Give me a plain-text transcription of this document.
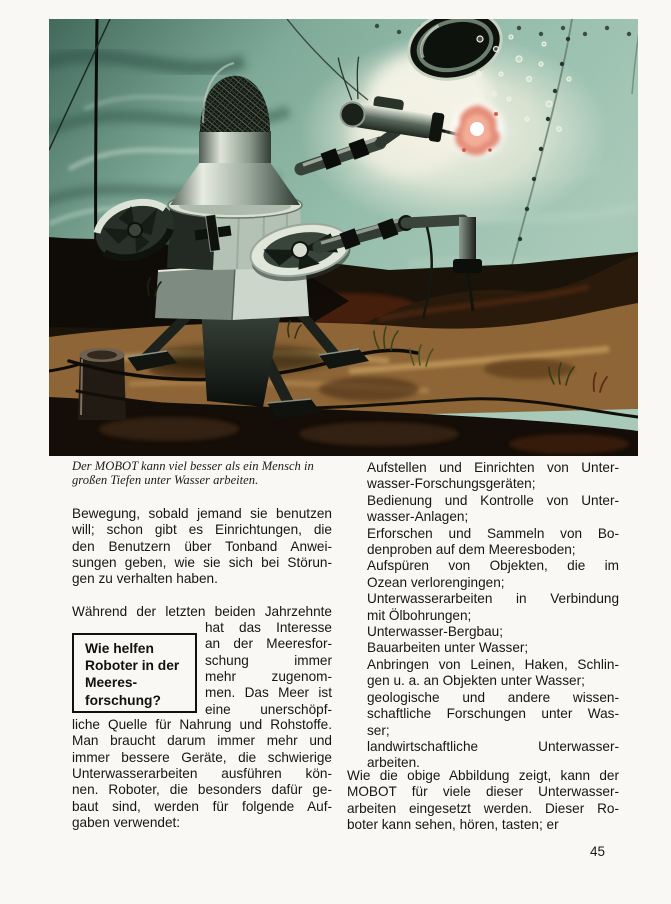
Der MOBOT kann viel besser als ein Mensch in
großen Tiefen unter Wasser arbeiten.
Bewegung, sobald jemand sie benutzen
will; schon gibt es Einrichtungen, die
den Benutzern über Tonband Anwei-
sungen geben, wie sie sich bei Störun-
gen zu verhalten haben.
Während der letzten beiden Jahrzehnte
Wie helfen
Roboter in der
Meeres-
forschung?
hat das Interesse
an der Meeresfor-
schung immer
mehr zugenom-
men. Das Meer ist
eine unerschöpf-
liche Quelle für Nahrung und Rohstoffe.
Man braucht darum immer mehr und
immer bessere Geräte, die schwierige
Unterwasserarbeiten ausführen kön-
nen. Roboter, die besonders dafür ge-
baut sind, werden für folgende Auf-
gaben verwendet:
Aufstellen und Einrichten von Unter-
wasser-Forschungsgeräten;
Bedienung und Kontrolle von Unter-
wasser-Anlagen;
Erforschen und Sammeln von Bo-
denproben auf dem Meeresboden;
Aufspüren von Objekten, die im
Ozean verlorengingen;
Unterwasserarbeiten in Verbindung
mit Ölbohrungen;
Unterwasser-Bergbau;
Bauarbeiten unter Wasser;
Anbringen von Leinen, Haken, Schlin-
gen u. a. an Objekten unter Wasser;
geologische und andere wissen-
schaftliche Forschungen unter Was-
ser;
landwirtschaftliche Unterwasser-
arbeiten.
Wie die obige Abbildung zeigt, kann der
MOBOT für viele dieser Unterwasser-
arbeiten eingesetzt werden. Dieser Ro-
boter kann sehen, hören, tasten; er
45
